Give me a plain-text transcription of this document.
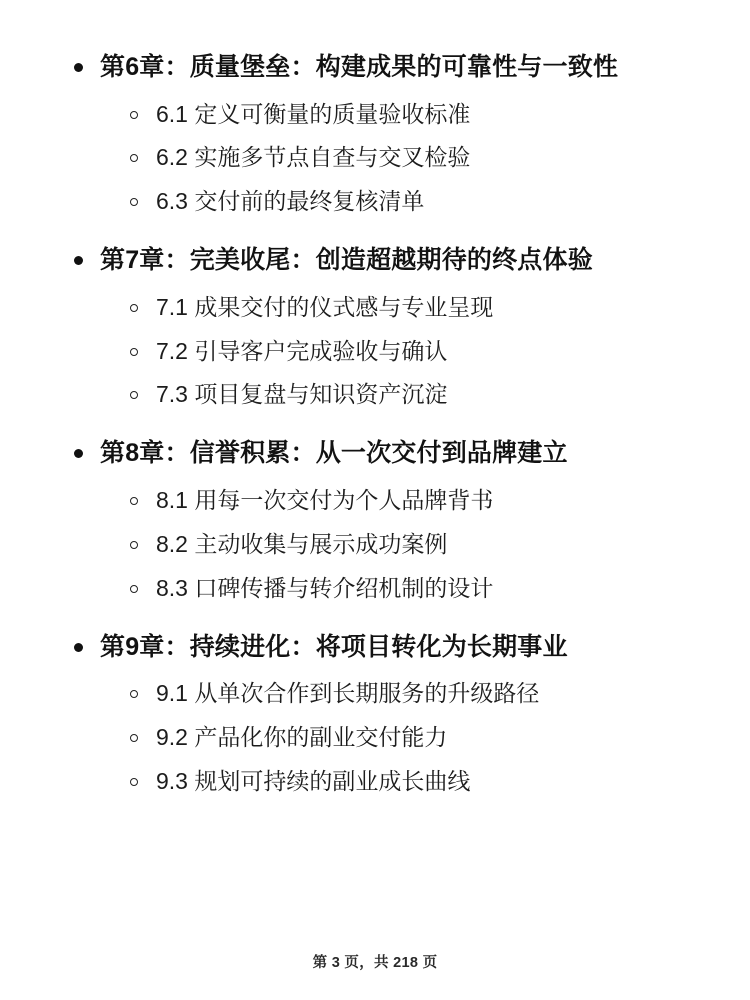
第6章：质量堡垒：构建成果的可靠性与一致性
6.1 定义可衡量的质量验收标准
6.2 实施多节点自查与交叉检验
6.3 交付前的最终复核清单
第7章：完美收尾：创造超越期待的终点体验
7.1 成果交付的仪式感与专业呈现
7.2 引导客户完成验收与确认
7.3 项目复盘与知识资产沉淀
第8章：信誉积累：从一次交付到品牌建立
8.1 用每一次交付为个人品牌背书
8.2 主动收集与展示成功案例
8.3 口碑传播与转介绍机制的设计
第9章：持续进化：将项目转化为长期事业
9.1 从单次合作到长期服务的升级路径
9.2 产品化你的副业交付能力
9.3 规划可持续的副业成长曲线
第 3 页，共 218 页
